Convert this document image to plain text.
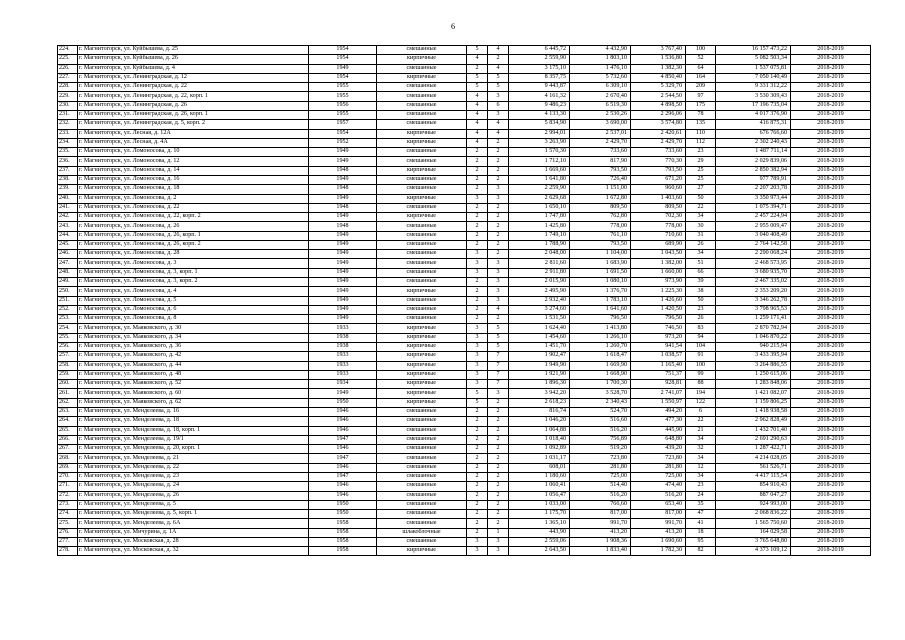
6
224.	г. Магнитогорск, ул. Куйбышева, д. 25	1954	смешанные	5	4	6 445,72	4 432,90	3 767,40	100	16 157 473,22	2018-2019
225.	г. Магнитогорск, ул. Куйбышева, д. 26	1954	кирпичные	4	2	2 559,90	1 803,10	1 536,80	52	5 082 503,34	2018-2019
226.	г. Магнитогорск, ул. Куйбышева, д. 4	1949	смешанные	2	4	3 175,10	1 476,10	1 382,30	64	1 537 075,81	2018-2019
227.	г. Магнитогорск, ул. Ленинградская, д. 12	1954	кирпичные	5	5	8 357,75	5 732,60	4 850,40	164	7 050 140,49	2018-2019
228.	г. Магнитогорск, ул. Ленинградская, д. 22	1955	смешанные	5	5	9 443,87	6 309,10	5 329,70	209	9 331 312,22	2018-2019
229.	г. Магнитогорск, ул. Ленинградская, д. 22, корп. 1	1955	смешанные	4	3	4 161,32	2 670,40	2 544,50	97	3 530 309,43	2018-2019
230.	г. Магнитогорск, ул. Ленинградская, д. 26	1956	смешанные	4	6	9 486,23	6 519,30	4 898,50	175	17 196 735,04	2018-2019
231.	г. Магнитогорск, ул. Ленинградская, д. 26, корп. 1	1955	смешанные	4	3	4 133,30	2 530,26	2 296,06	78	4 017 376,90	2018-2019
232.	г. Магнитогорск, ул. Ленинградская, д. 5, корп. 2	1957	смешанные	4	4	5 834,90	3 690,00	3 574,80	135	416 875,31	2018-2019
233.	г. Магнитогорск, ул. Лесная, д. 12А	1954	кирпичные	4	4	2 994,01	2 537,01	2 420,61	110	676 766,60	2018-2019
234.	г. Магнитогорск, ул. Лесная, д. 4А	1952	кирпичные	4	2	3 263,90	2 429,70	2 429,70	112	2 302 240,43	2018-2019
235.	г. Магнитогорск, ул. Ломоносова, д. 10	1949	смешанные	2	2	1 570,30	733,60	733,60	23	1 487 711,14	2018-2019
236.	г. Магнитогорск, ул. Ломоносова, д. 12	1949	смешанные	2	2	1 712,10	817,90	770,30	29	2 029 839,06	2018-2019
237.	г. Магнитогорск, ул. Ломоносова, д. 14	1948	кирпичные	2	2	1 669,60	793,50	793,50	25	2 850 382,94	2018-2019
238.	г. Магнитогорск, ул. Ломоносова, д. 16	1949	смешанные	2	2	1 641,80	726,40	671,20	25	977 789,91	2018-2019
239.	г. Магнитогорск, ул. Ломоносова, д. 18	1948	смешанные	2	3	2 259,90	1 151,00	960,60	27	2 207 203,78	2018-2019
240.	г. Магнитогорск, ул. Ломоносова, д. 2	1949	кирпичные	3	3	2 629,68	1 672,80	1 403,60	50	3 350 973,44	2018-2019
241.	г. Магнитогорск, ул. Ломоносова, д. 22	1948	смешанные	2	2	1 650,10	809,50	809,50	22	1 075 394,71	2018-2019
242.	г. Магнитогорск, ул. Ломоносова, д. 22, корп. 2	1949	кирпичные	2	2	1 747,80	762,80	702,30	34	2 457 224,94	2018-2019
243.	г. Магнитогорск, ул. Ломоносова, д. 26	1948	смешанные	2	2	1 425,80	778,00	778,00	30	2 955 009,47	2018-2019
244.	г. Магнитогорск, ул. Ломоносова, д. 26, корп. 1	1949	смешанные	2	2	1 749,10	761,10	710,60	31	3 040 408,49	2018-2019
245.	г. Магнитогорск, ул. Ломоносова, д. 26, корп. 2	1949	смешанные	2	2	1 788,90	793,50	689,90	26	2 764 142,58	2018-2019
246.	г. Магнитогорск, ул. Ломоносова, д. 28	1949	смешанные	3	2	2 048,00	1 104,00	1 043,50	34	2 290 068,24	2018-2019
247.	г. Магнитогорск, ул. Ломоносова, д. 3	1949	смешанные	3	3	2 811,60	1 683,90	1 382,00	51	2 468 573,95	2018-2019
248.	г. Магнитогорск, ул. Ломоносова, д. 3, корп. 1	1949	смешанные	3	3	2 911,80	1 691,50	1 660,00	66	3 680 935,70	2018-2019
249.	г. Магнитогорск, ул. Ломоносова, д. 3, корп. 2	1949	смешанные	2	3	2 015,90	1 080,10	973,90	39	2 467 335,02	2018-2019
250.	г. Магнитогорск, ул. Ломоносова, д. 4	1949	кирпичные	2	3	2 495,90	1 376,70	1 225,30	38	2 353 209,20	2018-2019
251.	г. Магнитогорск, ул. Ломоносова, д. 5	1949	смешанные	2	3	2 932,40	1 783,10	1 426,60	50	3 346 262,78	2018-2019
252.	г. Магнитогорск, ул. Ломоносова, д. 6	1949	смешанные	2	4	3 274,60	1 641,60	1 420,50	23	3 798 965,53	2018-2019
253.	г. Магнитогорск, ул. Ломоносова, д. 8	1949	смешанные	2	2	1 531,50	796,50	796,50	26	1 259 171,41	2018-2019
254.	г. Магнитогорск, ул. Маяковского, д. 30	1933	кирпичные	3	5	1 624,40	1 413,80	746,50	83	2 870 782,94	2018-2019
255.	г. Магнитогорск, ул. Маяковского, д. 34	1938	кирпичные	3	5	1 454,60	1 266,10	973,20	94	1 046 870,22	2018-2019
256.	г. Магнитогорск, ул. Маяковского, д. 36	1938	кирпичные	3	5	1 451,70	1 260,70	941,54	104	940 215,94	2018-2019
257.	г. Магнитогорск, ул. Маяковского, д. 42	1933	кирпичные	3	7	1 902,47	1 618,47	1 038,57	91	3 433 395,94	2018-2019
258.	г. Магнитогорск, ул. Маяковского, д. 44	1933	кирпичные	3	7	1 949,90	1 669,90	1 165,40	100	3 264 886,55	2018-2019
259.	г. Магнитогорск, ул. Маяковского, д. 48	1933	кирпичные	3	7	1 921,90	1 668,90	751,37	99	1 250 615,06	2018-2019
260.	г. Магнитогорск, ул. Маяковского, д. 52	1934	кирпичные	3	7	1 896,30	1 700,30	928,81	88	1 283 848,06	2018-2019
261.	г. Магнитогорск, ул. Маяковского, д. 60	1949	кирпичные	5	3	3 942,20	3 528,70	2 741,07	194	1 421 082,07	2018-2019
262.	г. Магнитогорск, ул. Маяковского, д. 62	1950	кирпичные	5	2	2 618,23	2 340,43	1 550,97	122	1 159 806,25	2018-2019
263.	г. Магнитогорск, ул. Менделеева, д. 16	1946	смешанные	2	2	816,74	524,70	494,20	6	1 418 938,58	2018-2019
264.	г. Магнитогорск, ул. Менделеева, д. 18	1946	смешанные	2	2	1 046,20	516,60	477,30	22	2 962 828,49	2018-2019
265.	г. Магнитогорск, ул. Менделеева, д. 18, корп. 1	1946	смешанные	2	2	1 064,88	516,20	445,90	21	1 432 701,40	2018-2019
266.	г. Магнитогорск, ул. Менделеева, д. 19/1	1947	смешанные	2	2	1 018,40	756,89	648,80	34	2 691 290,63	2018-2019
267.	г. Магнитогорск, ул. Менделеева, д. 20, корп. 1	1946	смешанные	2	2	1 092,89	519,20	439,20	32	1 287 422,71	2018-2019
268.	г. Магнитогорск, ул. Менделеева, д. 21	1947	смешанные	2	2	1 031,17	723,80	723,80	34	4 214 028,05	2018-2019
269.	г. Магнитогорск, ул. Менделеева, д. 22	1946	смешанные	2	2	608,01	281,80	281,80	12	561 526,71	2018-2019
270.	г. Магнитогорск, ул. Менделеева, д. 23	1947	смешанные	2	2	1 180,60	725,00	725,00	34	4 417 115,54	2018-2019
271.	г. Магнитогорск, ул. Менделеева, д. 24	1946	смешанные	2	2	1 060,41	514,40	474,40	23	854 910,43	2018-2019
272.	г. Магнитогорск, ул. Менделеева, д. 26	1946	смешанные	2	2	1 056,47	516,20	516,20	24	887 047,27	2018-2019
273.	г. Магнитогорск, ул. Менделеева, д. 5	1950	смешанные	2	2	1 033,00	766,60	653,40	35	924 993,00	2018-2019
274.	г. Магнитогорск, ул. Менделеева, д. 5, корп. 1	1950	смешанные	2	2	1 175,70	817,00	817,00	47	2 068 836,22	2018-2019
275.	г. Магнитогорск, ул. Менделеева, д. 6А	1958	смешанные	2	2	1 365,10	991,70	991,70	41	1 565 750,60	2018-2019
276.	г. Магнитогорск, ул. Мичурина, д. 1А	1958	шлакоблочные	2	1	443,90	413,20	413,20	18	164 029,58	2018-2019
277.	г. Магнитогорск, ул. Московская, д. 28	1958	смешанные	3	3	2 559,06	1 908,36	1 690,60	95	3 765 648,80	2018-2019
278.	г. Магнитогорск, ул. Московская, д. 32	1958	кирпичные	3	3	2 643,50	1 833,40	1 782,30	82	4 373 109,12	2018-2019
